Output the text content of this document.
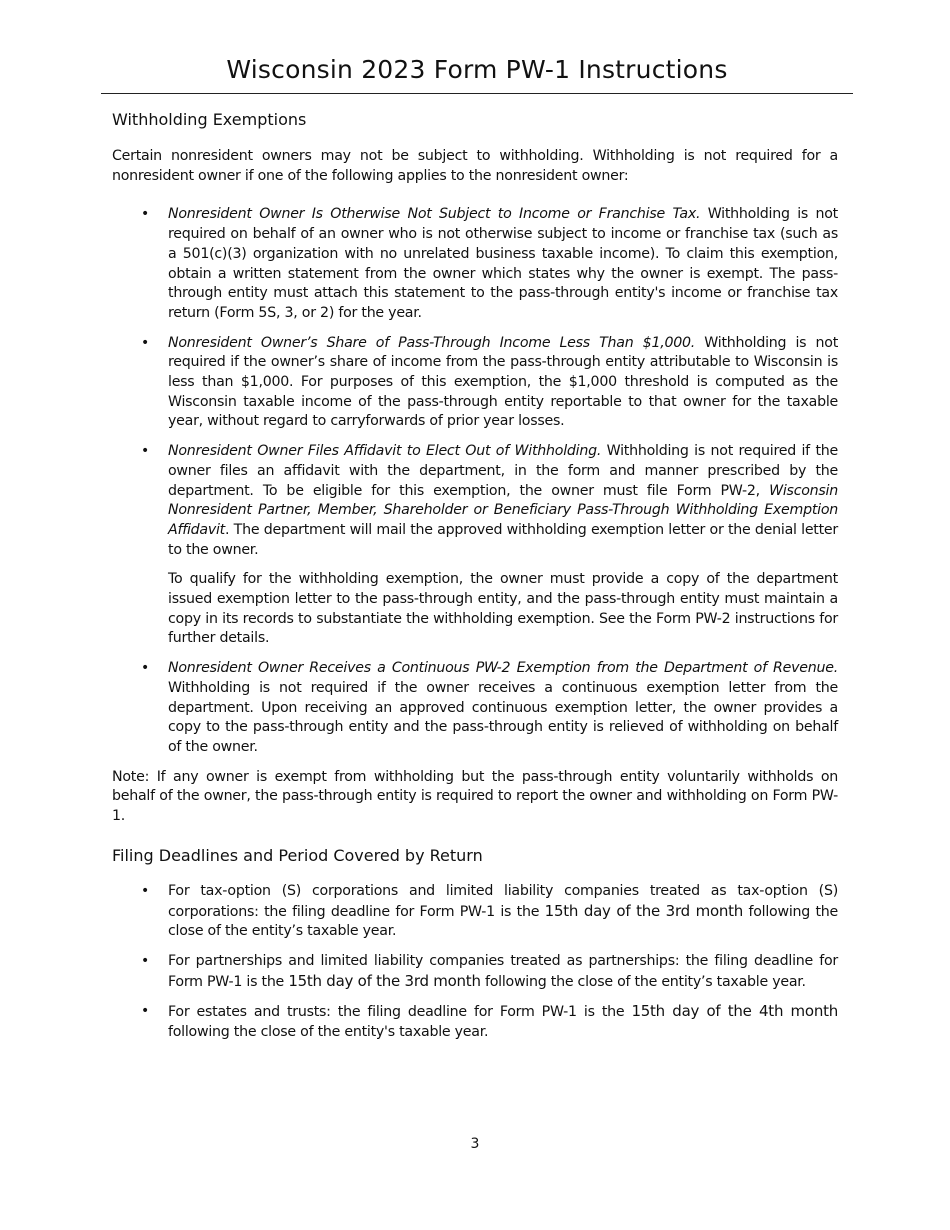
Wisconsin 2023 Form PW-1 Instructions
Withholding Exemptions

Certain nonresident owners may not be subject to withholding. Withholding is not required for a nonresident owner if one of the following applies to the nonresident owner:

• Nonresident Owner Is Otherwise Not Subject to Income or Franchise Tax. Withholding is not required on behalf of an owner who is not otherwise subject to income or franchise tax (such as a 501(c)(3) organization with no unrelated business taxable income). To claim this exemption, obtain a written statement from the owner which states why the owner is exempt. The pass-through entity must attach this statement to the pass-through entity's income or franchise tax return (Form 5S, 3, or 2) for the year.
• Nonresident Owner’s Share of Pass-Through Income Less Than $1,000. Withholding is not required if the owner’s share of income from the pass-through entity attributable to Wisconsin is less than $1,000. For purposes of this exemption, the $1,000 threshold is computed as the Wisconsin taxable income of the pass-through entity reportable to that owner for the taxable year, without regard to carryforwards of prior year losses.
• Nonresident Owner Files Affidavit to Elect Out of Withholding. Withholding is not required if the owner files an affidavit with the department, in the form and manner prescribed by the department. To be eligible for this exemption, the owner must file Form PW-2, Wisconsin Nonresident Partner, Member, Shareholder or Beneficiary Pass-Through Withholding Exemption Affidavit. The department will mail the approved withholding exemption letter or the denial letter to the owner.

To qualify for the withholding exemption, the owner must provide a copy of the department issued exemption letter to the pass-through entity, and the pass-through entity must maintain a copy in its records to substantiate the withholding exemption. See the Form PW-2 instructions for further details.

• Nonresident Owner Receives a Continuous PW-2 Exemption from the Department of Revenue. Withholding is not required if the owner receives a continuous exemption letter from the department. Upon receiving an approved continuous exemption letter, the owner provides a copy to the pass-through entity and the pass-through entity is relieved of withholding on behalf of the owner.

Note: If any owner is exempt from withholding but the pass-through entity voluntarily withholds on behalf of the owner, the pass-through entity is required to report the owner and withholding on Form PW-1.

Filing Deadlines and Period Covered by Return
• For tax-option (S) corporations and limited liability companies treated as tax-option (S) corporations: the filing deadline for Form PW-1 is the 15th day of the 3rd month following the close of the entity’s taxable year.
• For partnerships and limited liability companies treated as partnerships: the filing deadline for Form PW-1 is the 15th day of the 3rd month following the close of the entity’s taxable year.
• For estates and trusts: the filing deadline for Form PW-1 is the 15th day of the 4th month following the close of the entity's taxable year.
3
